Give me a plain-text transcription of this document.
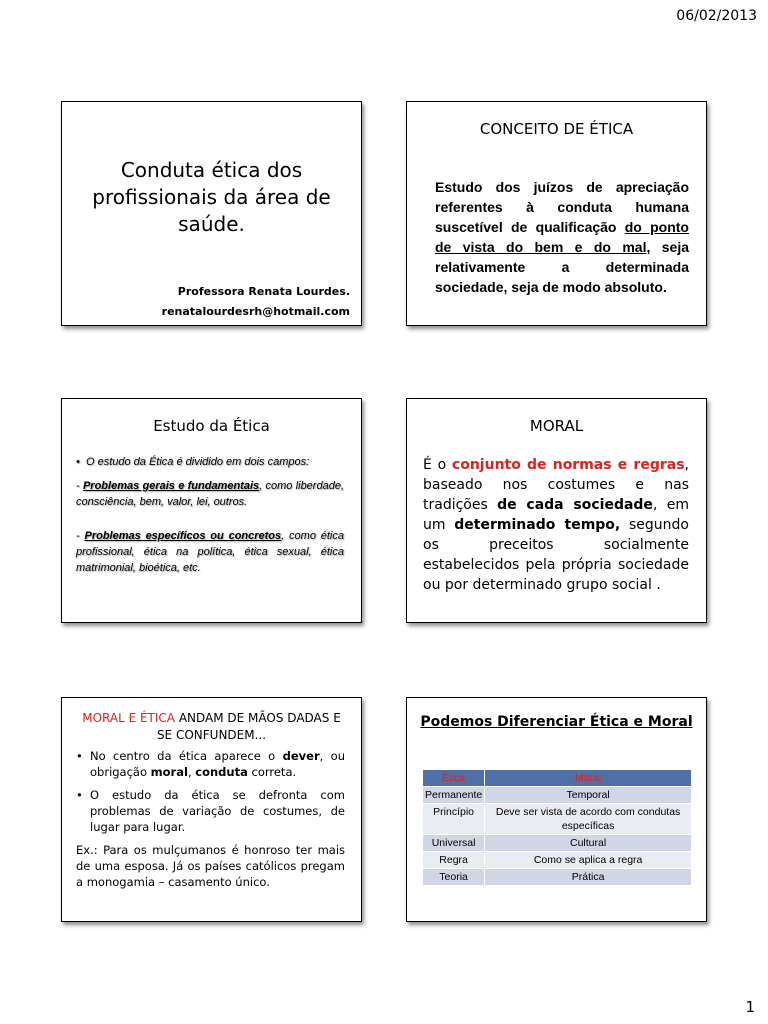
06/02/2013
Conduta ética dos profissionais da área de saúde.
Professora Renata Lourdes.
renatalourdesrh@hotmail.com
CONCEITO DE ÉTICA
Estudo dos juízos de apreciação referentes à conduta humana suscetível de qualificação do ponto de vista do bem e do mal, seja relativamente a determinada sociedade, seja de modo absoluto.
Estudo da Ética

•  O estudo da Ética é dividido em dois campos:

- Problemas gerais e fundamentais, como liberdade, consciência, bem, valor, lei, outros.

- Problemas específicos ou concretos, como ética profissional, ética na política, ética sexual, ética matrimonial, bioética, etc.

MORAL
É o conjunto de normas e regras, baseado nos costumes e nas tradições de cada sociedade, em um determinado tempo, segundo os preceitos socialmente estabelecidos pela própria sociedade ou por determinado grupo social .
MORAL E ÉTICA ANDAM DE MÃOS DADAS E SE CONFUNDEM...
• No centro da ética aparece o dever, ou obrigação moral, conduta correta.
• O estudo da ética se defronta com problemas de variação de costumes, de lugar para lugar.
Ex.: Para os mulçumanos é honroso ter mais de uma esposa. Já os países católicos pregam a monogamia – casamento único.
Podemos Diferenciar Ética e Moral
Ética	Moral
Permanente	Temporal
Princípio	Deve ser vista de acordo com condutas específicas
Universal	Cultural
Regra	Como se aplica a regra
Teoria	Prática
1
